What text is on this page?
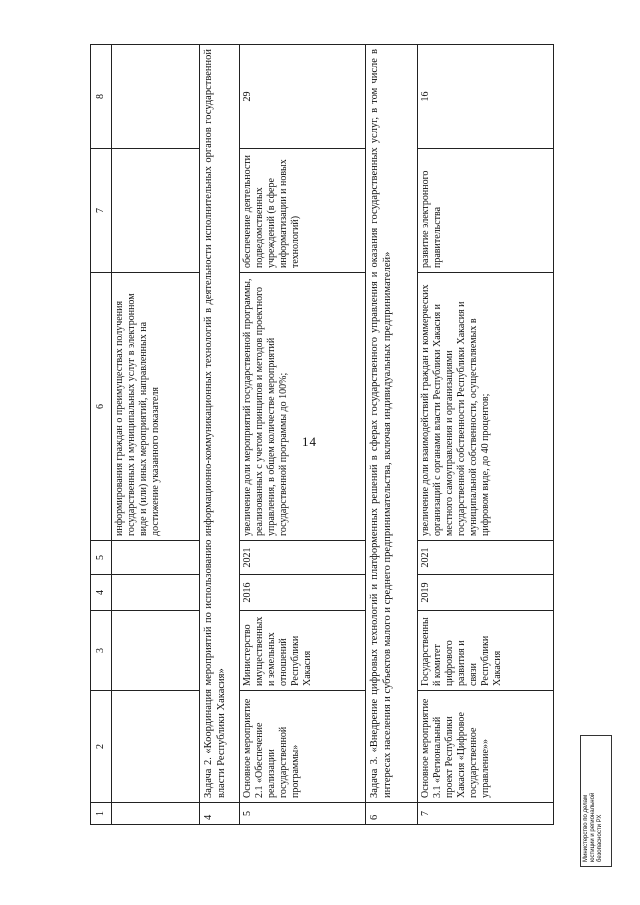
14
1	2	3	4	5	6	7	8
					информирования граждан о преимуществах получения государственных и муниципальных услуг в электронном виде и (или) иных мероприятий, направленных на достижение указанного показателя		
4	Задача 2. «Координация мероприятий по использованию информационно-коммуникационных технологий в деятельности исполнительных органов государственной власти Республики Хакасия»						
5	Основное мероприятие 2.1 «Обеспечение реализации государственной программы»	Министерство имущественных и земельных отношений Республики Хакасия	2016	2021	увеличение доли мероприятий государственной программы, реализованных с учетом принципов и методов проектного управления, в общем количестве мероприятий государственной программы до 100%;	обеспечение деятельности подведомственных учреждений (в сфере информатизации и новых технологий)	29
6	Задача 3. «Внедрение цифровых технологий и платформенных решений в сферах государственного управления и оказания государственных услуг, в том числе в интересах населения и субъектов малого и среднего предпринимательства, включая индивидуальных предпринимателей»						
7	Основное мероприятие 3.1 «Региональный проект Республики Хакасия «Цифровое государственное управление»»	Государственный комитет цифрового развития и связи Республики Хакасия	2019	2021	увеличение доли взаимодействий граждан и коммерческих организаций с органами власти Республики Хакасия и местного самоуправления и организациями государственной собственности Республики Хакасия и муниципальной собственности, осуществляемых в цифровом виде, до 40 процентов;	развитие электронного правительства	16
Министерство по делам юстиции и региональной безопасности РХ
